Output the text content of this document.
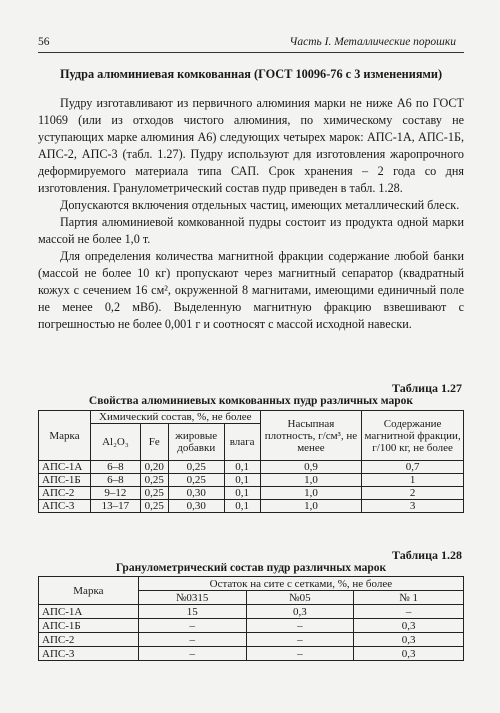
56	Часть I. Металлические порошки
Пудра алюминиевая комкованная (ГОСТ 10096-76 с 3 изменениями)

Пудру изготавливают из первичного алюминия марки не ниже А6 по ГОСТ 11069 (или из отходов чистого алюминия, по химическому составу не уступающих марке алюминия А6) следующих четырех марок: АПС-1А, АПС-1Б, АПС-2, АПС-3 (табл. 1.27). Пудру используют для изготовления жаропрочного деформируемого материала типа САП. Срок хранения – 2 года со дня изготовления. Гранулометрический состав пудр приведен в табл. 1.28.

Допускаются включения отдельных частиц, имеющих металлический блеск.

Партия алюминиевой комкованной пудры состоит из продукта одной марки массой не более 1,0 т.

Для определения количества магнитной фракции содержание любой банки (массой не более 10 кг) пропускают через магнитный сепаратор (квадратный кожух с сечением 16 см², окруженной 8 магнитами, имеющими единичный поле не менее 0,2 мВб). Выделенную магнитную фракцию взвешивают с погрешностью не более 0,001 г и соотносят с массой исходной навески.

Таблица 1.27
Свойства алюминиевых комкованных пудр различных марок
Марка	Химический состав, %, не более				Насыпная плотность, г/см³, не менее	Содержание магнитной фракции, г/100 кг, не более
	Al₂O₃	Fe	жировые добавки	влага		
АПС-1А	6–8	0,20	0,25	0,1	0,9	0,7
АПС-1Б	6–8	0,25	0,25	0,1	1,0	1
АПС-2	9–12	0,25	0,30	0,1	1,0	2
АПС-3	13–17	0,25	0,30	0,1	1,0	3
Таблица 1.28
Гранулометрический состав пудр различных марок
Марка	Остаток на сите с сетками, %, не более		
	№0315	№05	№ 1
АПС-1А	15	0,3	–
АПС-1Б	–	–	0,3
АПС-2	–	–	0,3
АПС-3	–	–	0,3
